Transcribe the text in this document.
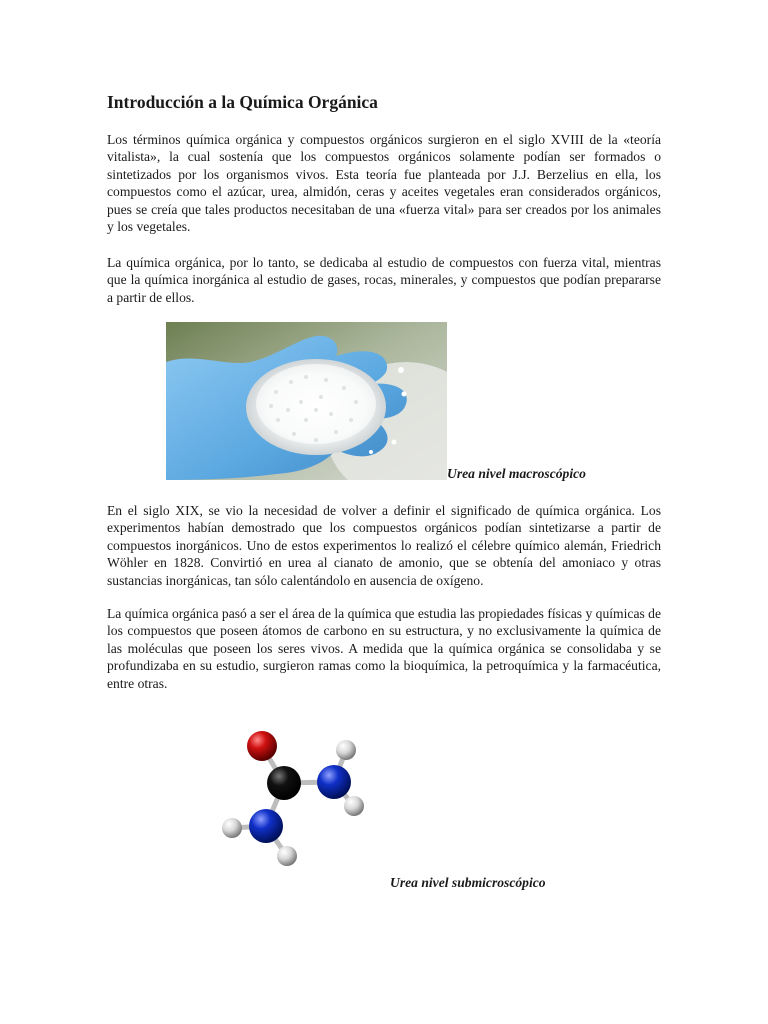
Introducción a la Química Orgánica

Los términos química orgánica y compuestos orgánicos surgieron en el siglo XVIII de la «teoría vitalista», la cual sostenía que los compuestos orgánicos solamente podían ser formados o sintetizados por los organismos vivos. Esta teoría fue planteada por J.J. Berzelius en ella, los compuestos como el azúcar, urea, almidón, ceras y aceites vegetales eran considerados orgánicos, pues se creía que tales productos necesitaban de una «fuerza vital» para ser creados por los animales y los vegetales.

La química orgánica, por lo tanto, se dedicaba al estudio de compuestos con fuerza vital, mientras que la química inorgánica al estudio de gases, rocas, minerales, y compuestos que podían prepararse a partir de ellos.

Urea nivel macroscópico

En el siglo XIX, se vio la necesidad de volver a definir el significado de química orgánica. Los experimentos habían demostrado que los compuestos orgánicos podían sintetizarse a partir de compuestos inorgánicos. Uno de estos experimentos lo realizó el célebre químico alemán, Friedrich Wöhler en 1828. Convirtió en urea al cianato de amonio, que se obtenía del amoniaco y otras sustancias inorgánicas, tan sólo calentándolo en ausencia de oxígeno.

La química orgánica pasó a ser el área de la química que estudia las propiedades físicas y químicas de los compuestos que poseen átomos de carbono en su estructura, y no exclusivamente la química de las moléculas que poseen los seres vivos. A medida que la química orgánica se consolidaba y se profundizaba en su estudio, surgieron ramas como la bioquímica, la petroquímica y la farmacéutica, entre otras.

Urea nivel submicroscópico
